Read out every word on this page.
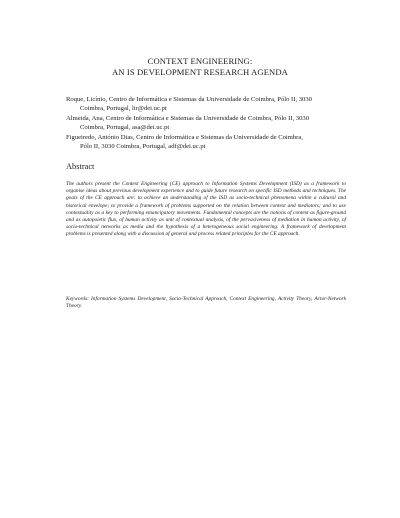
CONTEXT ENGINEERING:
AN IS DEVELOPMENT RESEARCH AGENDA
Roque, Licínio, Centro de Informática e Sistemas da Universidade de Coimbra, Pólo II, 3030
Coimbra, Portugal, lir@dei.uc.pt
Almeida, Ana, Centro de Informática e Sistemas da Universidade de Coimbra, Pólo II, 3030
Coimbra, Portugal, asa@dei.uc.pt
Figueiredo, António Dias, Centro de Informática e Sistemas da Universidade de Coimbra,
Pólo II, 3030 Coimbra, Portugal, adf@dei.uc.pt
Abstract
The authors present the Context Engineering (CE) approach to Information Systems Development (ISD) as a framework to organise ideas about previous development experience and to guide future research on specific ISD methods and techniques. The goals of the CE approach are: to achieve an understanding of the ISD as socio-technical phenomena within a cultural and historical envelope; to provide a framework of problems supported on the relation between context and mediators; and to use contextuality as a key to performing emancipatory movements. Fundamental concepts are the notions of context as figure-ground and as autopoietic flux, of human activity as unit of contextual analysis, of the pervasiveness of mediation in human activity, of socio-technical networks as media and the hypothesis of a heterogeneous social engineering. A framework of development problems is presented along with a discussion of general and process related principles for the CE approach.
Keywords: Information Systems Development, Socio-Technical Approach, Context Engineering, Activity Theory, Actor-Network Theory.
